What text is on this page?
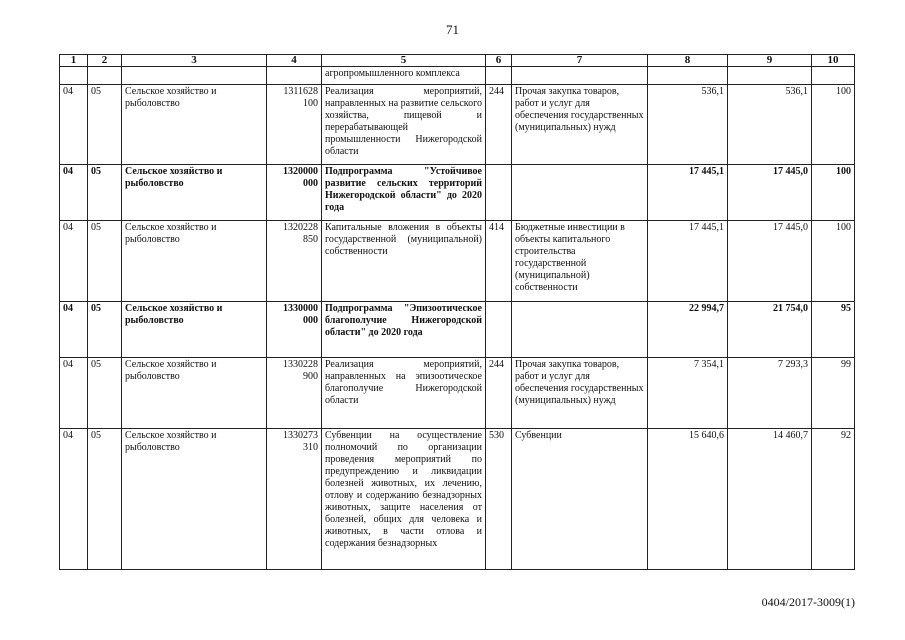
71
1	2	3	4	5	6	7	8	9	10
				агропромышленного комплекса					
04	05	Сельское хозяйство и рыболовство	1311628 100	Реализация мероприятий, направленных на развитие сельского хозяйства, пищевой и перерабатывающей промышленности Нижегородской области	244	Прочая закупка товаров, работ и услуг для обеспечения государственных (муниципальных) нужд	536,1	536,1	100
04	05	Сельское хозяйство и рыболовство	1320000 000	Подпрограмма "Устойчивое развитие сельских территорий Нижегородской области" до 2020 года			17 445,1	17 445,0	100
04	05	Сельское хозяйство и рыболовство	1320228 850	Капитальные вложения в объекты государственной (муниципальной) собственности	414	Бюджетные инвестиции в объекты капитального строительства государственной (муниципальной) собственности	17 445,1	17 445,0	100
04	05	Сельское хозяйство и рыболовство	1330000 000	Подпрограмма "Эпизоотическое благополучие Нижегородской области" до 2020 года			22 994,7	21 754,0	95
04	05	Сельское хозяйство и рыболовство	1330228 900	Реализация мероприятий, направленных на эпизоотическое благополучие Нижегородской области	244	Прочая закупка товаров, работ и услуг для обеспечения государственных (муниципальных) нужд	7 354,1	7 293,3	99
04	05	Сельское хозяйство и рыболовство	1330273 310	Субвенции на осуществление полномочий по организации проведения мероприятий по предупреждению и ликвидации болезней животных, их лечению, отлову и содержанию безнадзорных животных, защите населения от болезней, общих для человека и животных, в части отлова и содержания безнадзорных	530	Субвенции	15 640,6	14 460,7	92
0404/2017-3009(1)
